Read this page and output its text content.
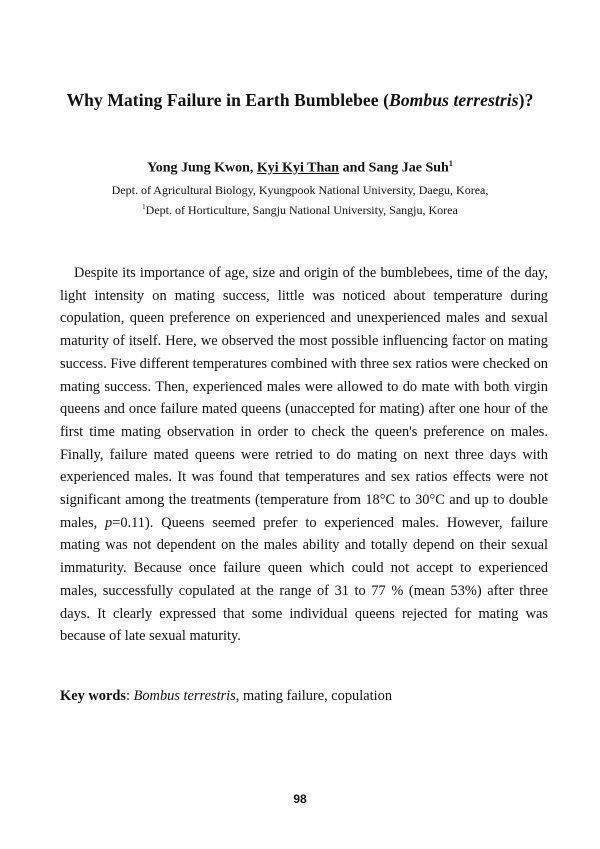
Why Mating Failure in Earth Bumblebee (Bombus terrestris)?
Yong Jung Kwon, Kyi Kyi Than and Sang Jae Suh$^1$
Dept. of Agricultural Biology, Kyungpook National University, Daegu, Korea,
$^1$Dept. of Horticulture, Sangju National University, Sangju, Korea

Despite its importance of age, size and origin of the bumblebees, time of the day, light intensity on mating success, little was noticed about temperature during copulation, queen preference on experienced and unexperienced males and sexual maturity of itself. Here, we observed the most possible influencing factor on mating success. Five different temperatures combined with three sex ratios were checked on mating success. Then, experienced males were allowed to do mate with both virgin queens and once failure mated queens (unaccepted for mating) after one hour of the first time mating observation in order to check the queen's preference on males. Finally, failure mated queens were retried to do mating on next three days with experienced males. It was found that temperatures and sex ratios effects were not significant among the treatments (temperature from 18°C to 30°C and up to double males, p=0.11). Queens seemed prefer to experienced males. However, failure mating was not dependent on the males ability and totally depend on their sexual immaturity. Because once failure queen which could not accept to experienced males, successfully copulated at the range of 31 to 77 % (mean 53%) after three days. It clearly expressed that some individual queens rejected for mating was because of late sexual maturity.

Key words: Bombus terrestris, mating failure, copulation
98
